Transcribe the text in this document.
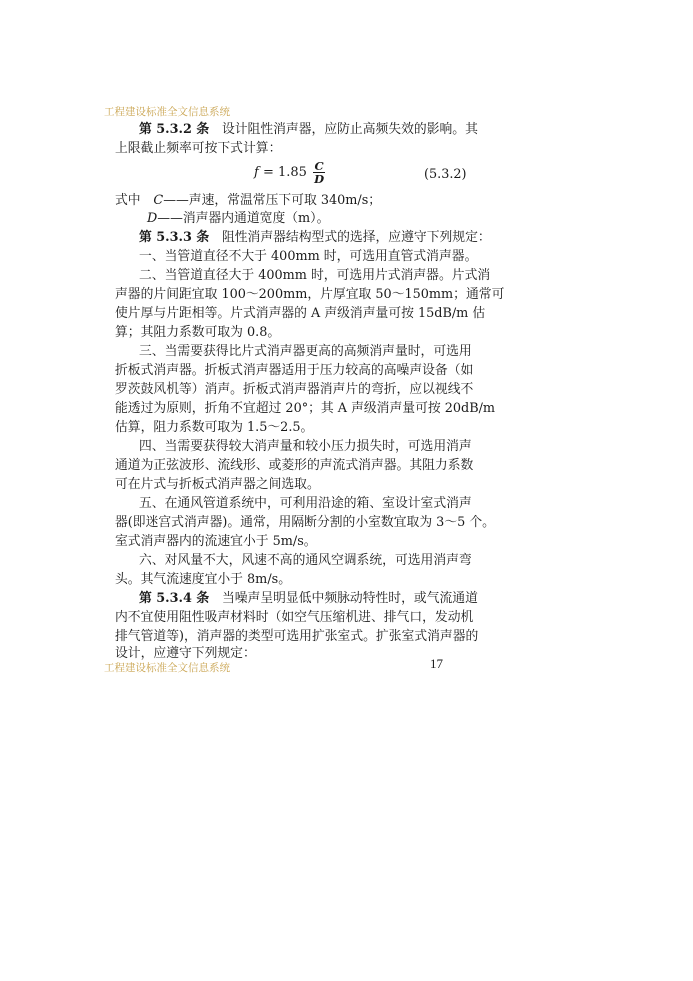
工程建设标准全文信息系统
第 5.3.2 条　设计阻性消声器，应防止高频失效的影响。其
上限截止频率可按下式计算：
$f = 1.85 \frac{C}{D}$	(5.3.2)
式中　C——声速，常温常压下可取 340m/s；
D——消声器内通道宽度（m）。
第 5.3.3 条　阻性消声器结构型式的选择，应遵守下列规定：
一、当管道直径不大于 400mm 时，可选用直管式消声器。
二、当管道直径大于 400mm 时，可选用片式消声器。片式消
声器的片间距宜取 100～200mm，片厚宜取 50～150mm；通常可
使片厚与片距相等。片式消声器的 A 声级消声量可按 15dB/m 估
算；其阻力系数可取为 0.8。
三、当需要获得比片式消声器更高的高频消声量时，可选用
折板式消声器。折板式消声器适用于压力较高的高噪声设备（如
罗茨鼓风机等）消声。折板式消声器消声片的弯折，应以视线不
能透过为原则，折角不宜超过 20°；其 A 声级消声量可按 20dB/m
估算，阻力系数可取为 1.5～2.5。
四、当需要获得较大消声量和较小压力损失时，可选用消声
通道为正弦波形、流线形、或菱形的声流式消声器。其阻力系数
可在片式与折板式消声器之间选取。
五、在通风管道系统中，可利用沿途的箱、室设计室式消声
器(即迷宫式消声器)。通常，用隔断分割的小室数宜取为 3～5 个。
室式消声器内的流速宜小于 5m/s。
六、对风量不大，风速不高的通风空调系统，可选用消声弯
头。其气流速度宜小于 8m/s。
第 5.3.4 条　当噪声呈明显低中频脉动特性时，或气流通道
内不宜使用阻性吸声材料时（如空气压缩机进、排气口，发动机
排气管道等)，消声器的类型可选用扩张室式。扩张室式消声器的
设计，应遵守下列规定：
工程建设标准全文信息系统	17
